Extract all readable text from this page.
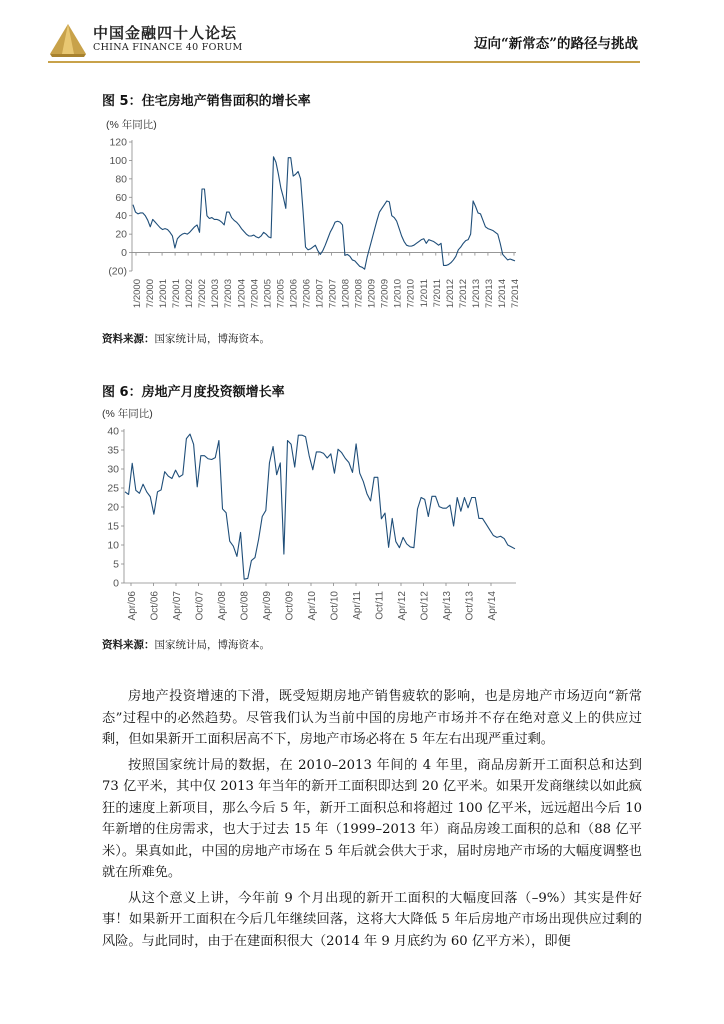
中国金融四十人论坛
CHINA FINANCE 40 FORUM	迈向“新常态”的路径与挑战
图 5：住宅房地产销售面积的增长率
(% 年同比)
120
100
80
60
40
20
0
(20)
1/2000 7/2000 1/2001 7/2001 1/2002 7/2002 1/2003 7/2003 1/2004 7/2004 1/2005 7/2005 1/2006 7/2006 1/2007 7/2007 1/2008 7/2008 1/2009 7/2009 1/2010 7/2010 1/2011 7/2011 1/2012 7/2012 1/2013 7/2013 1/2014 7/2014
资料来源：国家统计局，博海资本。
图 6：房地产月度投资额增长率
(% 年同比)
40
35
30
25
20
15
10
5
0
Apr/06 Oct/06 Apr/07 Oct/07 Apr/08 Oct/08 Apr/09 Oct/09 Apr/10 Oct/10 Apr/11 Oct/11 Apr/12 Oct/12 Apr/13 Oct/13 Apr/14
资料来源：国家统计局，博海资本。

房地产投资增速的下滑，既受短期房地产销售疲软的影响，也是房地产市场迈向“新常态”过程中的必然趋势。尽管我们认为当前中国的房地产市场并不存在绝对意义上的供应过剩，但如果新开工面积居高不下，房地产市场必将在 5 年左右出现严重过剩。

按照国家统计局的数据，在 2010–2013 年间的 4 年里，商品房新开工面积总和达到 73 亿平米，其中仅 2013 年当年的新开工面积即达到 20 亿平米。如果开发商继续以如此疯狂的速度上新项目，那么今后 5 年，新开工面积总和将超过 100 亿平米，远远超出今后 10 年新增的住房需求，也大于过去 15 年（1999–2013 年）商品房竣工面积的总和（88 亿平米）。果真如此，中国的房地产市场在 5 年后就会供大于求，届时房地产市场的大幅度调整也就在所难免。

从这个意义上讲，今年前 9 个月出现的新开工面积的大幅度回落（–9%）其实是件好事！如果新开工面积在今后几年继续回落，这将大大降低 5 年后房地产市场出现供应过剩的风险。与此同时，由于在建面积很大（2014 年 9 月底约为 60 亿平方米），即便
